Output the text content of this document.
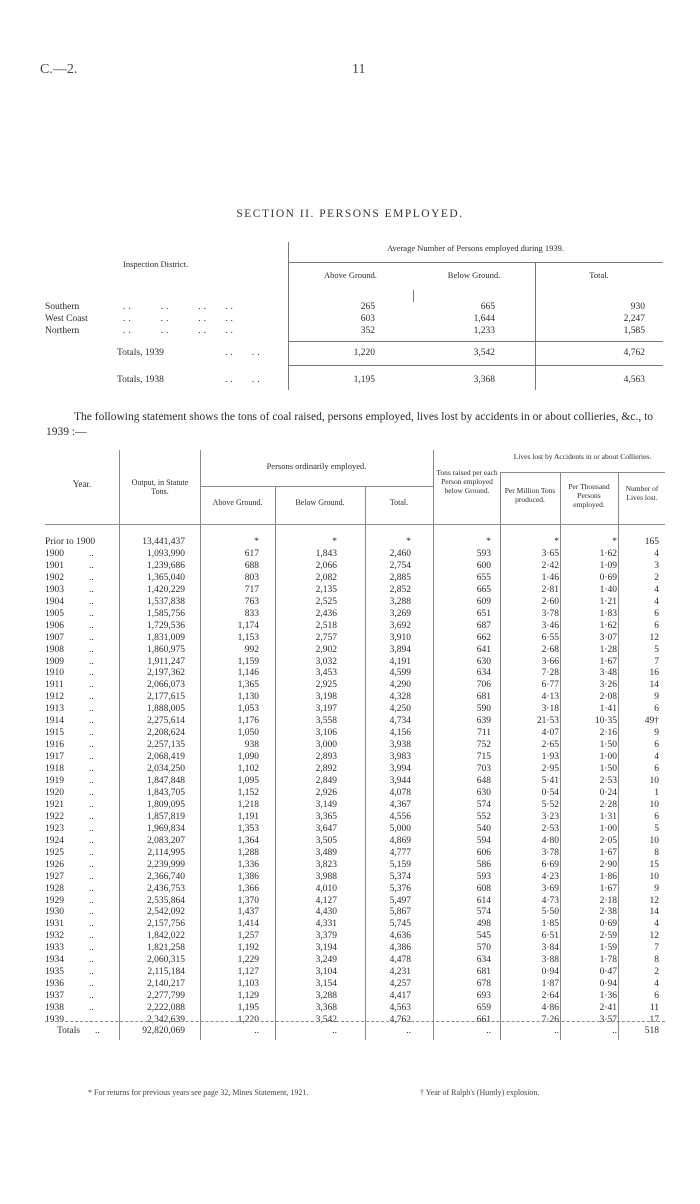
C.—2.	11
SECTION II. PERSONS EMPLOYED.
Inspection District.
Average Number of Persons employed during 1939.
Above Ground.	Below Ground.	Total.
Southern	..     ..     ..   ..	265	665	930
West Coast	..     ..     ..   ..	603	1,644	2,247
Northern	..     ..     ..   ..	352	1,233	1,585
Totals, 1939	..   ..	1,220	3,542	4,762
Totals, 1938	..   ..	1,195	3,368	4,563
The following statement shows the tons of coal raised, persons employed, lives lost by accidents in or about collieries, &c., to 1939 :—
Year.	Output, in Statute Tons.
Persons ordinarily employed.
Above Ground.	Below Ground.	Total.
Tons raised per each Person employed below Ground.
Lives lost by Accidents in or about Collieries.
Per Million Tons produced.
Per Thousand Persons employed.
Number of Lives lost.
Prior to 1900	13,441,437	*	*	*	*	*	*	165
1900	..	1,093,990	617	1,843	2,460	593	3·65	1·62	4
1901	..	1,239,686	688	2,066	2,754	600	2·42	1·09	3
1902	..	1,365,040	803	2,082	2,885	655	1·46	0·69	2
1903	..	1,420,229	717	2,135	2,852	665	2·81	1·40	4
1904	..	1,537,838	763	2,525	3,288	609	2·60	1·21	4
1905	..	1,585,756	833	2,436	3,269	651	3·78	1·83	6
1906	..	1,729,536	1,174	2,518	3,692	687	3·46	1·62	6
1907	..	1,831,009	1,153	2,757	3,910	662	6·55	3·07	12
1908	..	1,860,975	992	2,902	3,894	641	2·68	1·28	5
1909	..	1,911,247	1,159	3,032	4,191	630	3·66	1·67	7
1910	..	2,197,362	1,146	3,453	4,599	634	7·28	3·48	16
1911	..	2,066,073	1,365	2,925	4,290	706	6·77	3·26	14
1912	..	2,177,615	1,130	3,198	4,328	681	4·13	2·08	9
1913	..	1,888,005	1,053	3,197	4,250	590	3·18	1·41	6
1914	..	2,275,614	1,176	3,558	4,734	639	21·53	10·35	49†
1915	..	2,208,624	1,050	3,106	4,156	711	4·07	2·16	9
1916	..	2,257,135	938	3,000	3,938	752	2·65	1·50	6
1917	..	2,068,419	1,090	2,893	3,983	715	1·93	1·00	4
1918	..	2,034,250	1,102	2,892	3,994	703	2·95	1·50	6
1919	..	1,847,848	1,095	2,849	3,944	648	5·41	2·53	10
1920	..	1,843,705	1,152	2,926	4,078	630	0·54	0·24	1
1921	..	1,809,095	1,218	3,149	4,367	574	5·52	2·28	10
1922	..	1,857,819	1,191	3,365	4,556	552	3·23	1·31	6
1923	..	1,969,834	1,353	3,647	5,000	540	2·53	1·00	5
1924	..	2,083,207	1,364	3,505	4,869	594	4·80	2·05	10
1925	..	2,114,995	1,288	3,489	4,777	606	3·78	1·67	8
1926	..	2,239,999	1,336	3,823	5,159	586	6·69	2·90	15
1927	..	2,366,740	1,386	3,988	5,374	593	4·23	1·86	10
1928	..	2,436,753	1,366	4,010	5,376	608	3·69	1·67	9
1929	..	2,535,864	1,370	4,127	5,497	614	4·73	2·18	12
1930	..	2,542,092	1,437	4,430	5,867	574	5·50	2·38	14
1931	..	2,157,756	1,414	4,331	5,745	498	1·85	0·69	4
1932	..	1,842,022	1,257	3,379	4,636	545	6·51	2·59	12
1933	..	1,821,258	1,192	3,194	4,386	570	3·84	1·59	7
1934	..	2,060,315	1,229	3,249	4,478	634	3·88	1·78	8
1935	..	2,115,184	1,127	3,104	4,231	681	0·94	0·47	2
1936	..	2,140,217	1,103	3,154	4,257	678	1·87	0·94	4
1937	..	2,277,799	1,129	3,288	4,417	693	2·64	1·36	6
1938	..	2,222,088	1,195	3,368	4,563	659	4·86	2·41	11
1939	..	2,342,639	1,220	3,542	4,762	661	7·26	3·57	17
Totals	..	92,820,069	..	..	..	..	..	..	518
* For returns for previous years see page 32, Mines Statement, 1921.	† Year of Ralph's (Huntly) explosion.
